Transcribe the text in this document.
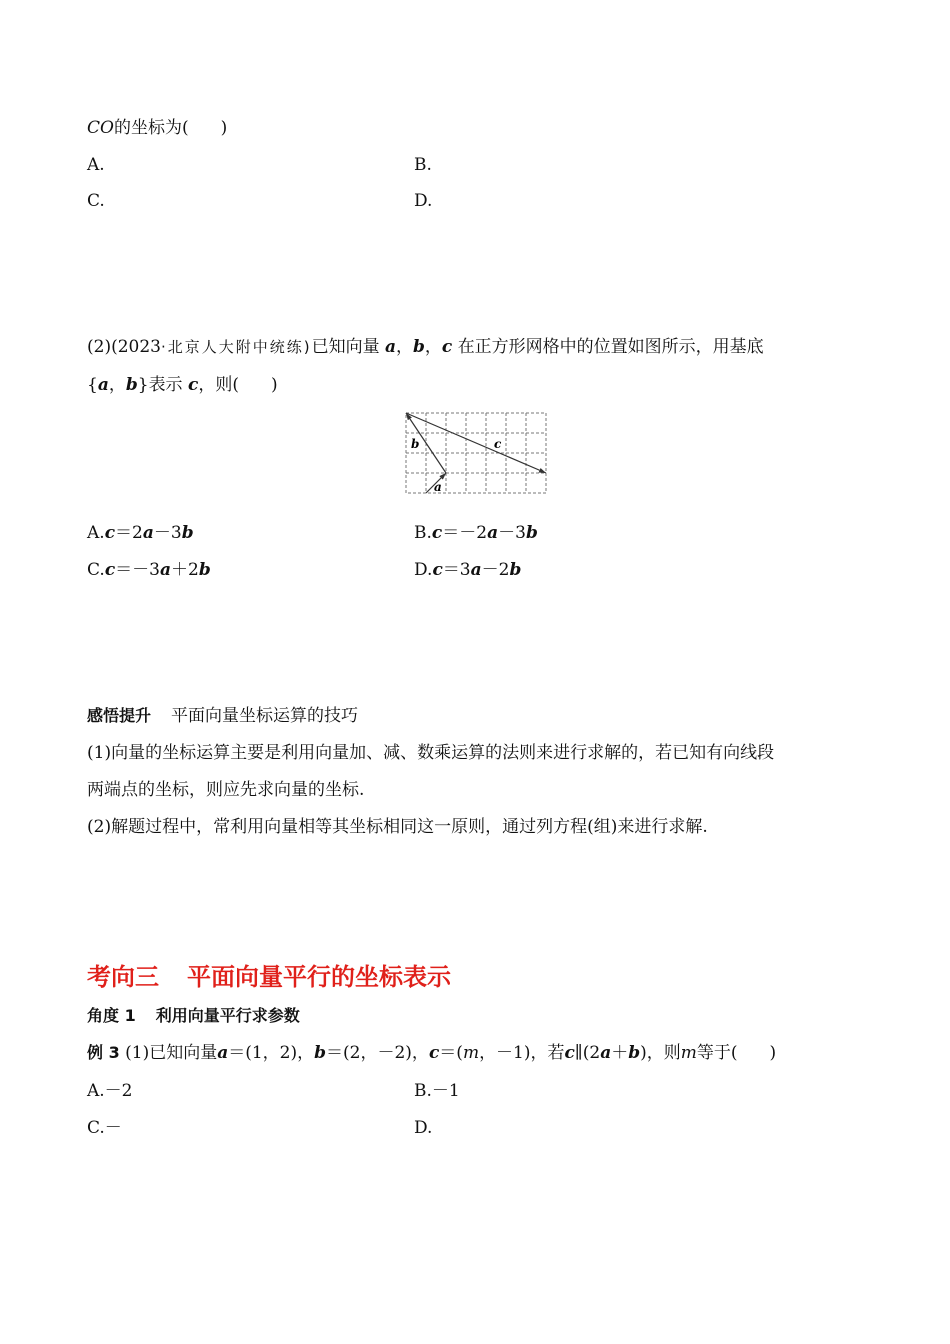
CO的坐标为( )
A.	B.
C.	D.
(2)(2023·北京人大附中统练)已知向量 a，b，c 在正方形网格中的位置如图所示，用基底
{a，b}表示 c，则( )
a
b	c
A.c＝2a－3b	B.c＝－2a－3b
C.c＝－3a＋2b	D.c＝3a－2b
感悟提升 平面向量坐标运算的技巧
(1)向量的坐标运算主要是利用向量加、减、数乘运算的法则来进行求解的，若已知有向线段
两端点的坐标，则应先求向量的坐标.
(2)解题过程中，常利用向量相等其坐标相同这一原则，通过列方程(组)来进行求解.
考向三 平面向量平行的坐标表示
角度 1 利用向量平行求参数
例 3 (1)已知向量a＝(1，2)，b＝(2，－2)，c＝(m，－1)，若c∥(2a＋b)，则m等于( )
A.－2	B.－1
C.－	D.
